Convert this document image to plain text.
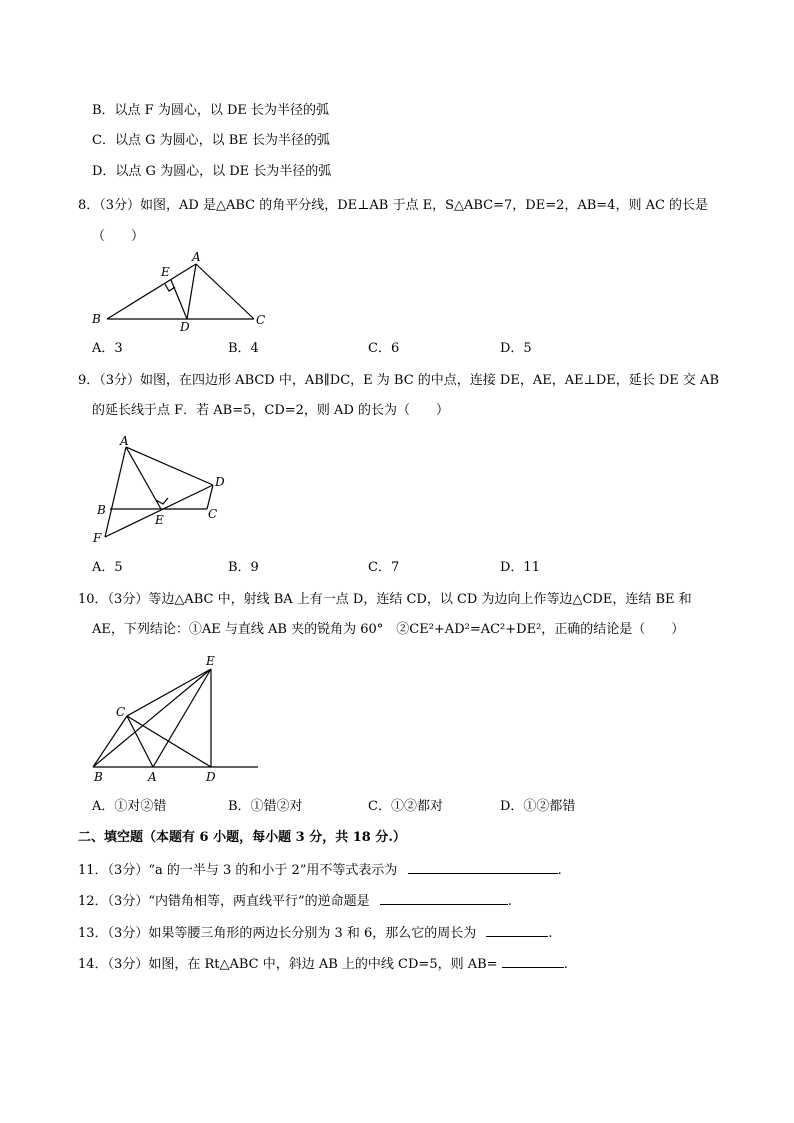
B．以点 F 为圆心，以 DE 长为半径的弧
C．以点 G 为圆心，以 BE 长为半径的弧
D．以点 G 为圆心，以 DE 长为半径的弧
8．（3分）如图，AD 是△ABC 的角平分线，DE⊥AB 于点 E，S△ABC=7，DE=2，AB=4，则 AC 的长是
（　　）
B
A
E
D	C
A．3	B．4	C．6	D．5
9．（3分）如图，在四边形 ABCD 中，AB∥DC，E 为 BC 的中点，连接 DE，AE，AE⊥DE，延长 DE 交 AB
的延长线于点 F．若 AB=5，CD=2，则 AD 的长为（　　）
A
D
B
E	C
F
A．5	B．9	C．7	D．11
10．（3分）等边△ABC 中，射线 BA 上有一点 D，连结 CD，以 CD 为边向上作等边△CDE，连结 BE 和
AE，下列结论：①AE 与直线 AB 夹的锐角为 60°　②CE²+AD²=AC²+DE²，正确的结论是（　　）
E
C
B	A	D
A．①对②错	B．①错②对	C．①②都对	D．①②都错
二、填空题（本题有 6 小题，每小题 3 分，共 18 分.）
11．（3分）“a 的一半与 3 的和小于 2”用不等式表示为	.
12．（3分）“内错角相等，两直线平行”的逆命题是	.
13．（3分）如果等腰三角形的两边长分别为 3 和 6，那么它的周长为	.
14．（3分）如图，在 Rt△ABC 中，斜边 AB 上的中线 CD=5，则 AB=	.
